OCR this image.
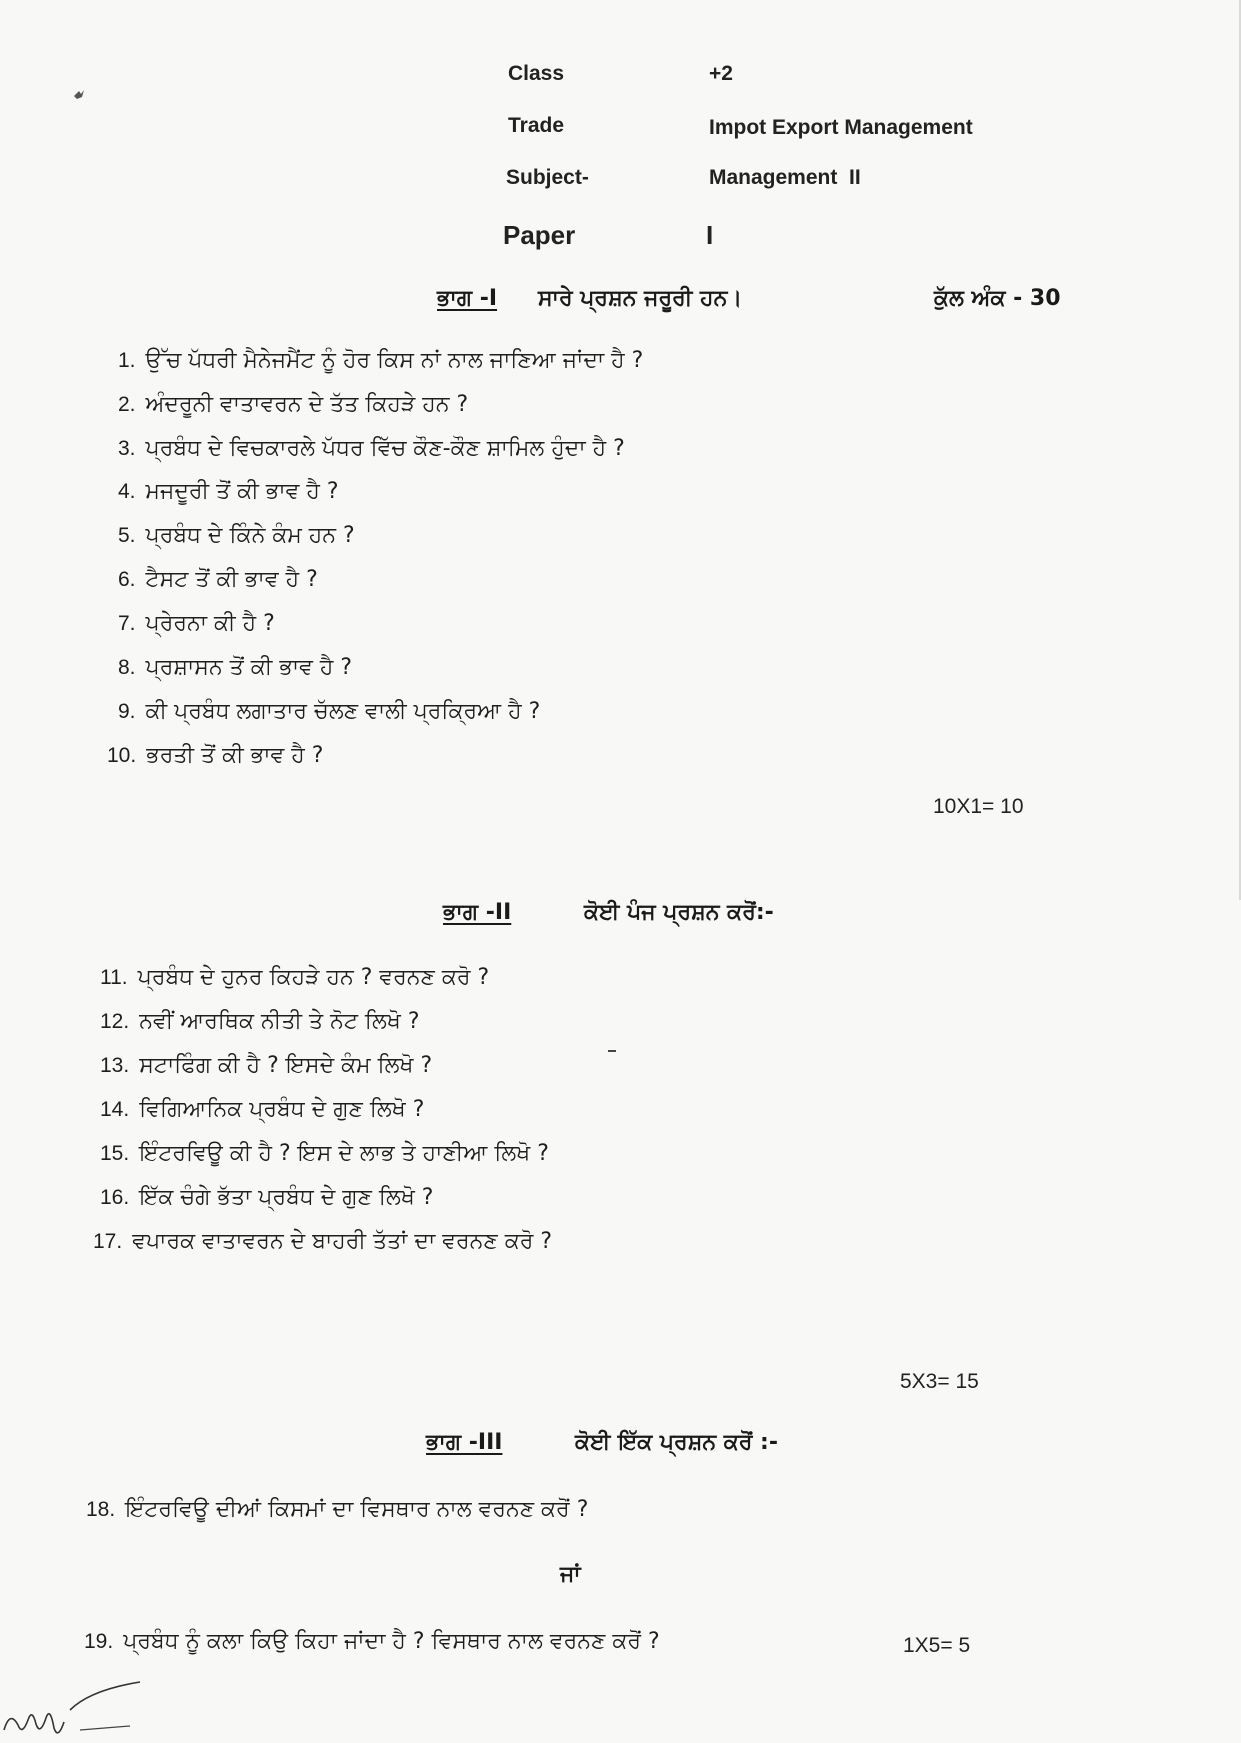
Class	+2
Trade	Impot Export Management
Subject-	Management  II
Paper	I
ਭਾਗ -I ਸਾਰੇ ਪ੍ਰਸ਼ਨ ਜਰੂਰੀ ਹਨ।	ਕੁੱਲ ਅੰਕ - 30
1. ਉੱਚ ਪੱਧਰੀ ਮੈਨੇਜਮੈਂਟ ਨੂੰ ਹੋਰ ਕਿਸ ਨਾਂ ਨਾਲ ਜਾਣਿਆ ਜਾਂਦਾ ਹੈ ?
2. ਅੰਦਰੂਨੀ ਵਾਤਾਵਰਨ ਦੇ ਤੱਤ ਕਿਹੜੇ ਹਨ ?
3. ਪ੍ਰਬੰਧ ਦੇ ਵਿਚਕਾਰਲੇ ਪੱਧਰ ਵਿੱਚ ਕੌਣ-ਕੌਣ ਸ਼ਾਮਿਲ ਹੁੰਦਾ ਹੈ ?
4. ਮਜਦੂਰੀ ਤੋਂ ਕੀ ਭਾਵ ਹੈ ?
5. ਪ੍ਰਬੰਧ ਦੇ ਕਿੰਨੇ ਕੰਮ ਹਨ ?
6. ਟੈਸਟ ਤੋਂ ਕੀ ਭਾਵ ਹੈ ?
7. ਪ੍ਰੇਰਨਾ ਕੀ ਹੈ ?
8. ਪ੍ਰਸ਼ਾਸਨ ਤੋਂ ਕੀ ਭਾਵ ਹੈ ?
9. ਕੀ ਪ੍ਰਬੰਧ ਲਗਾਤਾਰ ਚੱਲਣ ਵਾਲੀ ਪ੍ਰਕ੍ਰਿਆ ਹੈ ?
10. ਭਰਤੀ ਤੋਂ ਕੀ ਭਾਵ ਹੈ ?
10X1= 10
ਭਾਗ -II	ਕੋਈ ਪੰਜ ਪ੍ਰਸ਼ਨ ਕਰੋਂ:-
11. ਪ੍ਰਬੰਧ ਦੇ ਹੁਨਰ ਕਿਹੜੇ ਹਨ ? ਵਰਨਣ ਕਰੋ ?
12. ਨਵੀਂ ਆਰਥਿਕ ਨੀਤੀ ਤੇ ਨੋਟ ਲਿਖੋ ?
13. ਸਟਾਫਿੰਗ ਕੀ ਹੈ ? ਇਸਦੇ ਕੰਮ ਲਿਖੋ ?
14. ਵਿਗਿਆਨਿਕ ਪ੍ਰਬੰਧ ਦੇ ਗੁਣ ਲਿਖੋ ?
15. ਇੰਟਰਵਿਊ ਕੀ ਹੈ ? ਇਸ ਦੇ ਲਾਭ ਤੇ ਹਾਣੀਆ ਲਿਖੋ ?
16. ਇੱਕ ਚੰਗੇ ਭੱਤਾ ਪ੍ਰਬੰਧ ਦੇ ਗੁਣ ਲਿਖੋ ?
17. ਵਪਾਰਕ ਵਾਤਾਵਰਨ ਦੇ ਬਾਹਰੀ ਤੱਤਾਂ ਦਾ ਵਰਨਣ ਕਰੋ ?
5X3= 15
ਭਾਗ -III	ਕੋਈ ਇੱਕ ਪ੍ਰਸ਼ਨ ਕਰੋਂ :-
18. ਇੰਟਰਵਿਊ ਦੀਆਂ ਕਿਸਮਾਂ ਦਾ ਵਿਸਥਾਰ ਨਾਲ ਵਰਨਣ ਕਰੋਂ ?
ਜਾਂ
19. ਪ੍ਰਬੰਧ ਨੂੰ ਕਲਾ ਕਿਉ ਕਿਹਾ ਜਾਂਦਾ ਹੈ ? ਵਿਸਥਾਰ ਨਾਲ ਵਰਨਣ ਕਰੋਂ ?	1X5= 5
